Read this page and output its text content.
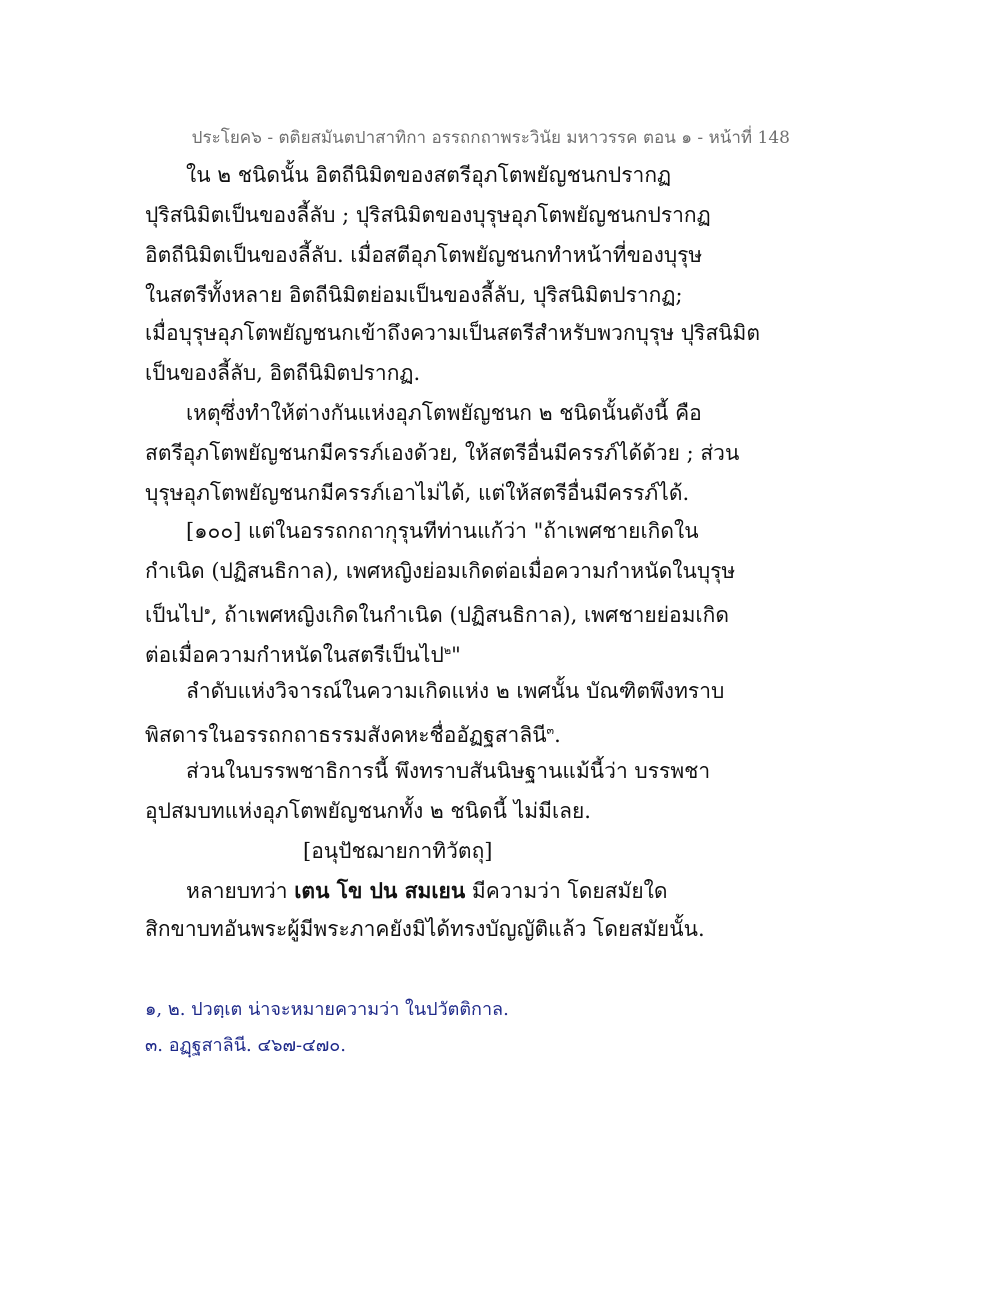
ประโยค๖ - ตติยสมันตปาสาทิกา อรรถกถาพระวินัย มหาวรรค ตอน ๑ - หน้าที่ 148
ใน ๒ ชนิดนั้น อิตถีนิมิตของสตรีอุภโตพยัญชนกปรากฏ
ปุริสนิมิตเป็นของลี้ลับ ; ปุริสนิมิตของบุรุษอุภโตพยัญชนกปรากฏ
อิตถีนิมิตเป็นของลี้ลับ. เมื่อสตีอุภโตพยัญชนกทำหน้าที่ของบุรุษ
ในสตรีทั้งหลาย อิตถีนิมิตย่อมเป็นของลี้ลับ, ปุริสนิมิตปรากฏ;
เมื่อบุรุษอุภโตพยัญชนกเข้าถึงความเป็นสตรีสำหรับพวกบุรุษ ปุริสนิมิต
เป็นของลี้ลับ, อิตถีนิมิตปรากฏ.
เหตุซึ่งทำให้ต่างกันแห่งอุภโตพยัญชนก ๒ ชนิดนั้นดังนี้ คือ
สตรีอุภโตพยัญชนกมีครรภ์เองด้วย, ให้สตรีอื่นมีครรภ์ได้ด้วย ; ส่วน
บุรุษอุภโตพยัญชนกมีครรภ์เอาไม่ได้, แต่ให้สตรีอื่นมีครรภ์ได้.
[๑๐๐] แต่ในอรรถกถากุรุนทีท่านแก้ว่า "ถ้าเพศชายเกิดใน
กำเนิด (ปฏิสนธิกาล), เพศหญิงย่อมเกิดต่อเมื่อความกำหนัดในบุรุษ
เป็นไป$^๑$, ถ้าเพศหญิงเกิดในกำเนิด (ปฏิสนธิกาล), เพศชายย่อมเกิด
ต่อเมื่อความกำหนัดในสตรีเป็นไป$^๒$"
ลำดับแห่งวิจารณ์ในความเกิดแห่ง ๒ เพศนั้น บัณฑิตพึงทราบ
พิสดารในอรรถกถาธรรมสังคหะชื่ออัฏฐสาลินี$^๓$.
ส่วนในบรรพชาธิการนี้ พึงทราบสันนิษฐานแม้นี้ว่า บรรพชา
อุปสมบทแห่งอุภโตพยัญชนกทั้ง ๒ ชนิดนี้ ไม่มีเลย.
[อนุปัชฌายกาทิวัตถุ]
หลายบทว่า เตน โข ปน สมเยน มีความว่า โดยสมัยใด
สิกขาบทอันพระผู้มีพระภาคยังมิได้ทรงบัญญัติแล้ว โดยสมัยนั้น.
๑, ๒. ปวตฺเต น่าจะหมายความว่า ในปวัตติกาล.
๓. อฏฺฐสาลินี. ๔๖๗-๔๗๐.
